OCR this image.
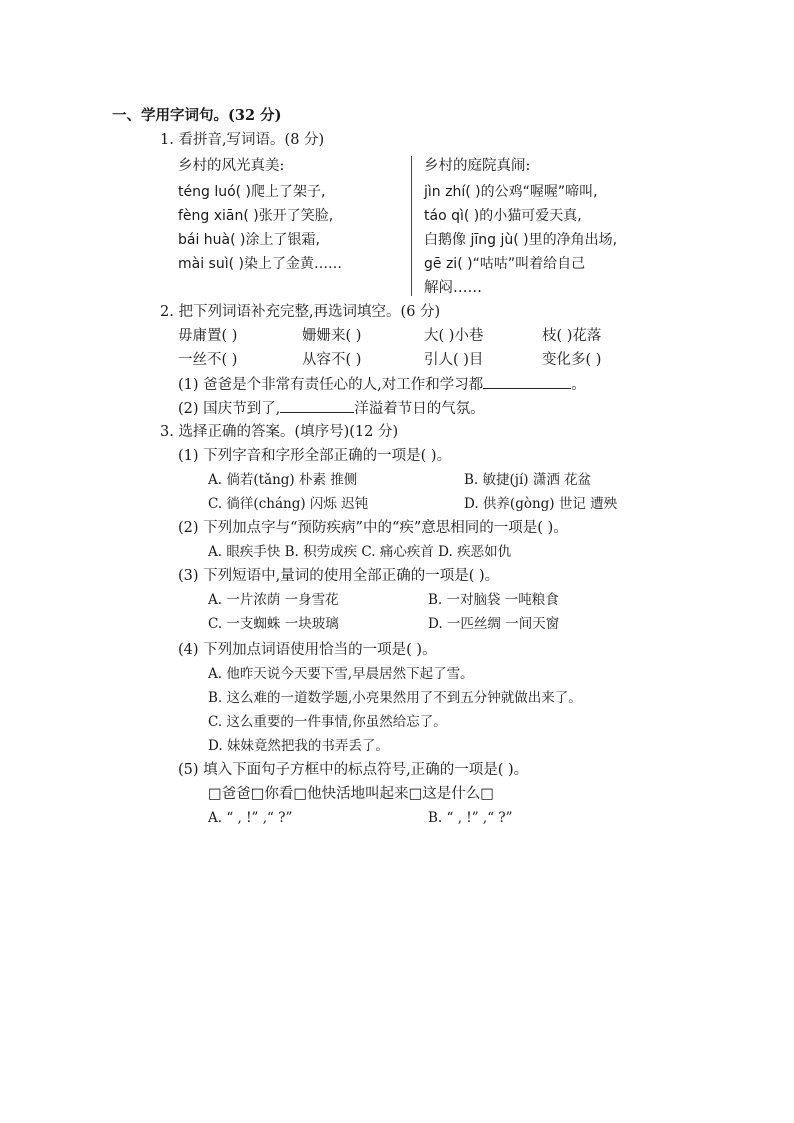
一、学用字词句。(32 分)
1. 看拼音,写词语。(8 分)
乡村的风光真美:
téng luó( )爬上了架子,
fèng xiān( )张开了笑脸,
bái huà( )涂上了银霜,
mài suì( )染上了金黄……
乡村的庭院真闹:
jìn zhí( )的公鸡“喔喔”啼叫,
táo qì( )的小猫可爱天真,
白鹅像 jīng jù( )里的净角出场,
gē zi( )“咕咕”叫着给自己
解闷……
2. 把下列词语补充完整,再选词填空。(6 分)
毋庸置( )	姗姗来( )	大( )小巷	枝( )花落
一丝不( )	从容不( )	引人( )目	变化多( )
(1) 爸爸是个非常有责任心的人,对工作和学习都	。
(2) 国庆节到了,	洋溢着节日的气氛。
3. 选择正确的答案。(填序号)(12 分)
(1) 下列字音和字形全部正确的一项是( )。
A. 倘若(tǎng) 朴素 推侧	B. 敏捷(jí) 潇洒 花盆
C. 徜徉(cháng) 闪烁 迟钝	D. 供养(gòng) 世记 遭殃
(2) 下列加点字与“预防疾病”中的“疾”意思相同的一项是( )。
A. 眼疾手快 B. 积劳成疾 C. 痛心疾首 D. 疾恶如仇
(3) 下列短语中,量词的使用全部正确的一项是( )。
A. 一片浓荫 一身雪花	B. 一对脑袋 一吨粮食
C. 一支蜘蛛 一块玻璃	D. 一匹丝绸 一间天窗
(4) 下列加点词语使用恰当的一项是( )。
A. 他昨天说今天要下雪,早晨居然下起了雪。
B. 这么难的一道数学题,小亮果然用了不到五分钟就做出来了。
C. 这么重要的一件事情,你虽然给忘了。
D. 妹妹竟然把我的书弄丢了。
(5) 填入下面句子方框中的标点符号,正确的一项是( )。
□爸爸□你看□他快活地叫起来□这是什么□
A. “ , !” ,“ ?”	B. “ , !” ,“ ?”
